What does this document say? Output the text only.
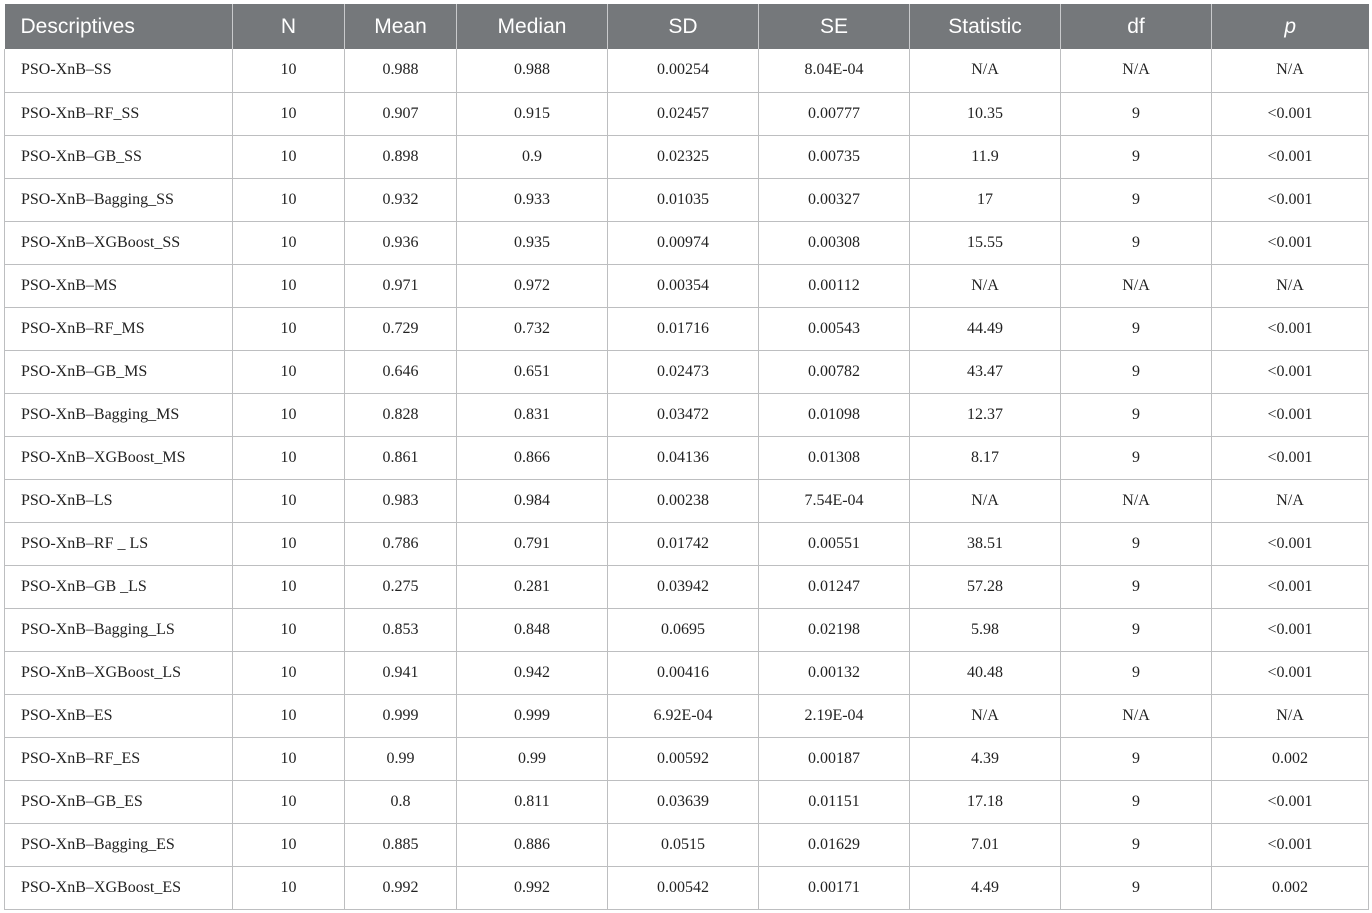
Descriptives	N	Mean	Median	SD	SE	Statistic	df	p
PSO-XnB–SS	10	0.988	0.988	0.00254	8.04E-04	N/A	N/A	N/A
PSO-XnB–RF_SS	10	0.907	0.915	0.02457	0.00777	10.35	9	<0.001
PSO-XnB–GB_SS	10	0.898	0.9	0.02325	0.00735	11.9	9	<0.001
PSO-XnB–Bagging_SS	10	0.932	0.933	0.01035	0.00327	17	9	<0.001
PSO-XnB–XGBoost_SS	10	0.936	0.935	0.00974	0.00308	15.55	9	<0.001
PSO-XnB–MS	10	0.971	0.972	0.00354	0.00112	N/A	N/A	N/A
PSO-XnB–RF_MS	10	0.729	0.732	0.01716	0.00543	44.49	9	<0.001
PSO-XnB–GB_MS	10	0.646	0.651	0.02473	0.00782	43.47	9	<0.001
PSO-XnB–Bagging_MS	10	0.828	0.831	0.03472	0.01098	12.37	9	<0.001
PSO-XnB–XGBoost_MS	10	0.861	0.866	0.04136	0.01308	8.17	9	<0.001
PSO-XnB–LS	10	0.983	0.984	0.00238	7.54E-04	N/A	N/A	N/A
PSO-XnB–RF _ LS	10	0.786	0.791	0.01742	0.00551	38.51	9	<0.001
PSO-XnB–GB _LS	10	0.275	0.281	0.03942	0.01247	57.28	9	<0.001
PSO-XnB–Bagging_LS	10	0.853	0.848	0.0695	0.02198	5.98	9	<0.001
PSO-XnB–XGBoost_LS	10	0.941	0.942	0.00416	0.00132	40.48	9	<0.001
PSO-XnB–ES	10	0.999	0.999	6.92E-04	2.19E-04	N/A	N/A	N/A
PSO-XnB–RF_ES	10	0.99	0.99	0.00592	0.00187	4.39	9	0.002
PSO-XnB–GB_ES	10	0.8	0.811	0.03639	0.01151	17.18	9	<0.001
PSO-XnB–Bagging_ES	10	0.885	0.886	0.0515	0.01629	7.01	9	<0.001
PSO-XnB–XGBoost_ES	10	0.992	0.992	0.00542	0.00171	4.49	9	0.002
